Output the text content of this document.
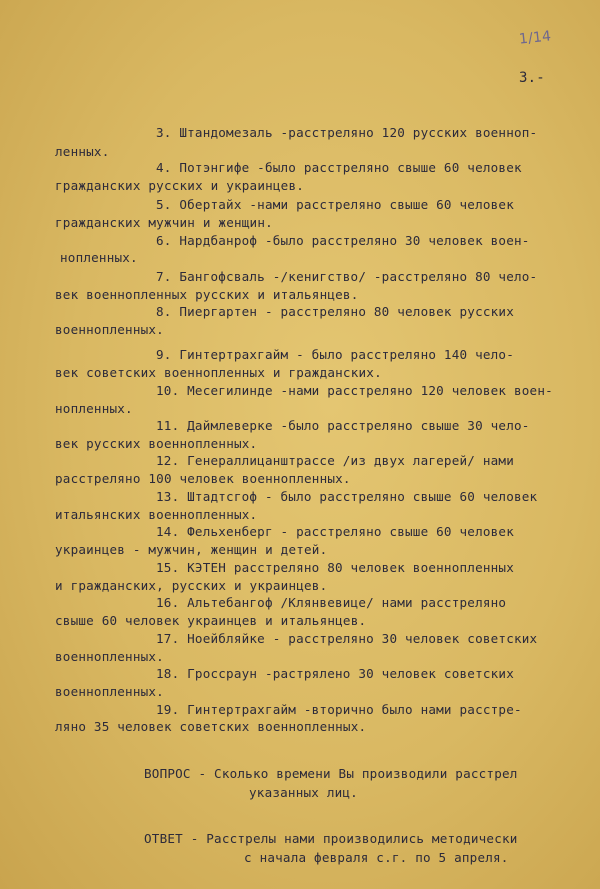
1/14
3.-
3. Штандомезаль -расстреляно 120 русских военноп-
ленных.
4. Потэнгифе -было расстреляно свыше 60 человек
гражданских русских и украинцев.
5. Обертайх -нами расстреляно свыше 60 человек
гражданских мужчин и женщин.
6. Нардбанроф -было расстреляно 30 человек воен-
нопленных.
7. Бангофсваль -/кенигство/ -расстреляно 80 чело-
век военнопленных русских и итальянцев.
8. Пиергартен - расстреляно 80 человек русских
военнопленных.
9. Гинтертрахгайм - было расстреляно 140 чело-
век советских военнопленных и гражданских.
10. Месегилинде -нами расстреляно 120 человек воен-
нопленных.
11. Даймлеверке -было расстреляно свыше 30 чело-
век русских военнопленных.
12. Генераллицанштрассе /из двух лагерей/ нами
расстреляно 100 человек военнопленных.
13. Штадтсгоф - было расстреляно свыше 60 человек
итальянских военнопленных.
14. Фельхенберг - расстреляно свыше 60 человек
украинцев - мужчин, женщин и детей.
15. КЭТЕН расстреляно 80 человек военнопленных
и гражданских, русских и украинцев.
16. Альтебангоф /Клянвевице/ нами расстреляно
свыше 60 человек украинцев и итальянцев.
17. Ноейбляйке - расстреляно 30 человек советских
военнопленных.
18. Гроссраун -растрялено 30 человек советских
военнопленных.
19. Гинтертрахгайм -вторично было нами расстре-
ляно 35 человек советских военнопленных.
ВОПРОС - Сколько времени Вы производили расстрел
указанных лиц.
ОТВЕТ - Расстрелы нами производились методически
с начала февраля с.г. по 5 апреля.
